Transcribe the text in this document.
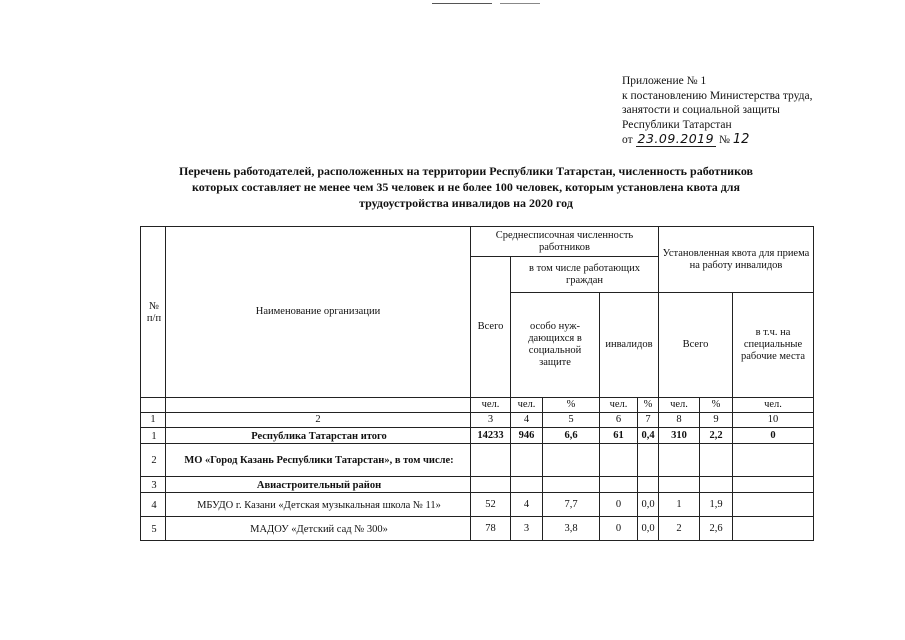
Приложение № 1
к постановлению Министерства труда,
занятости и социальной защиты
Республики Татарстан
от 23.09.2019 № 12
Перечень работодателей, расположенных на территории Республики Татарстан, численность работников
которых составляет не менее чем 35 человек и не более 100 человек, которым установлена квота для
трудоустройства инвалидов на 2020 год
№ п/п	Наименование организации	Среднесписочная численность работников					Установленная квота для приема на работу инвалидов		
		Всего	в том числе работающих граждан						
			особо нуж-дающихся в социальной защите		инвалидов		Всего		в т.ч. на специальные рабочие места
		чел.	чел.	%	чел.	%	чел.	%	чел.
1	2	3	4	5	6	7	8	9	10
1	Республика Татарстан итого	14233	946	6,6	61	0,4	310	2,2	0
2	МО «Город Казань Республики Татарстан», в том числе:								
3	Авиастроительный район								
4	МБУДО г. Казани «Детская музыкальная школа № 11»	52	4	7,7	0	0,0	1	1,9	
5	МАДОУ «Детский сад № 300»	78	3	3,8	0	0,0	2	2,6	
